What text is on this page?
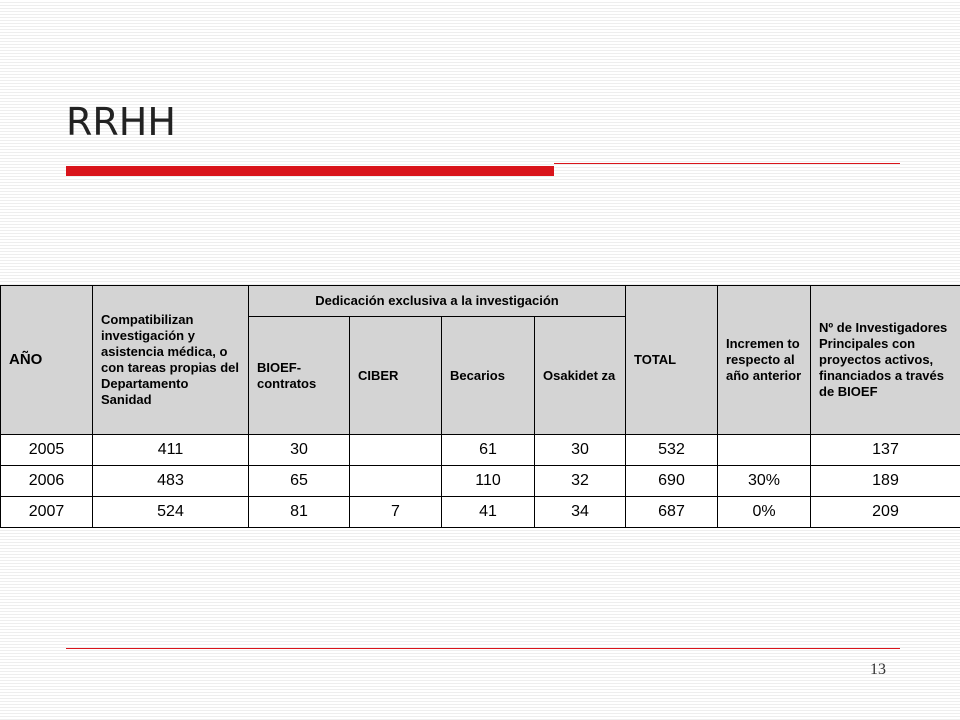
RRHH
AÑO	Compatibilizan investigación y asistencia médica, o con tareas propias del Departamento Sanidad	Dedicación exclusiva a la investigación				TOTAL	Incremen to respecto al año anterior	Nº de Investigadores Principales con proyectos activos, financiados a través de BIOEF
		BIOEF-contratos	CIBER	Becarios	Osakidet za			
2005	411	30		61	30	532		137
2006	483	65		110	32	690	30%	189
2007	524	81	7	41	34	687	0%	209
13
